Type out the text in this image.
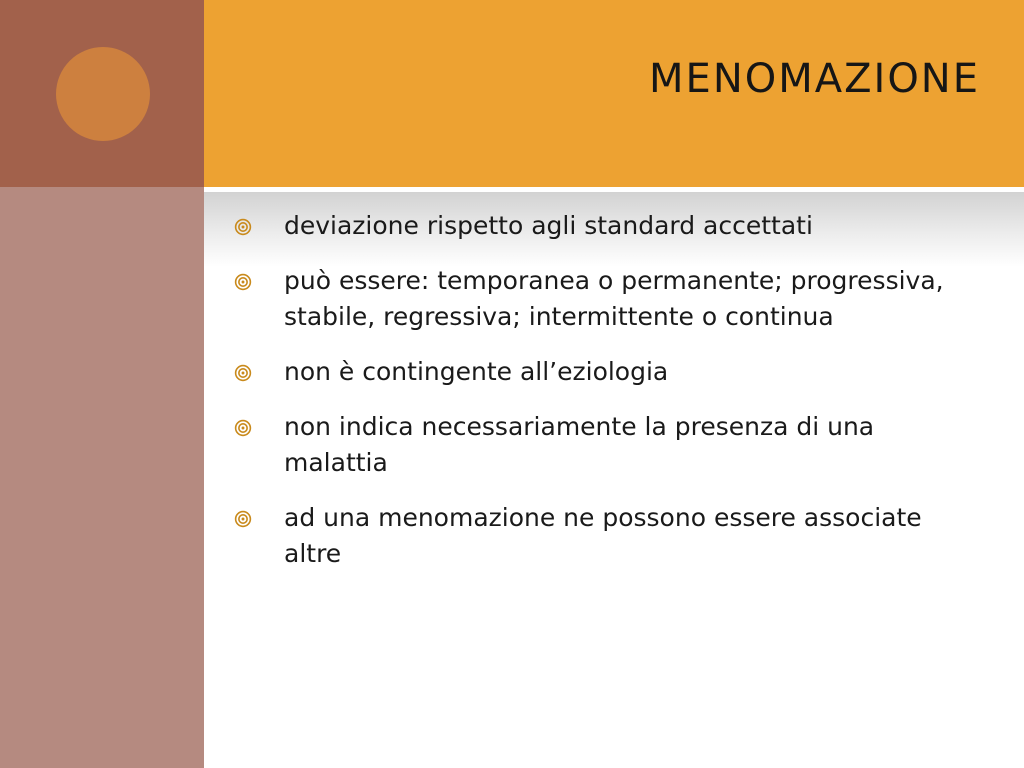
MENOMAZIONE
deviazione rispetto agli standard accettati
può essere: temporanea o permanente; progressiva, stabile, regressiva; intermittente o continua
non è contingente all’eziologia
non indica necessariamente la presenza di una malattia
ad una menomazione ne possono essere associate altre
